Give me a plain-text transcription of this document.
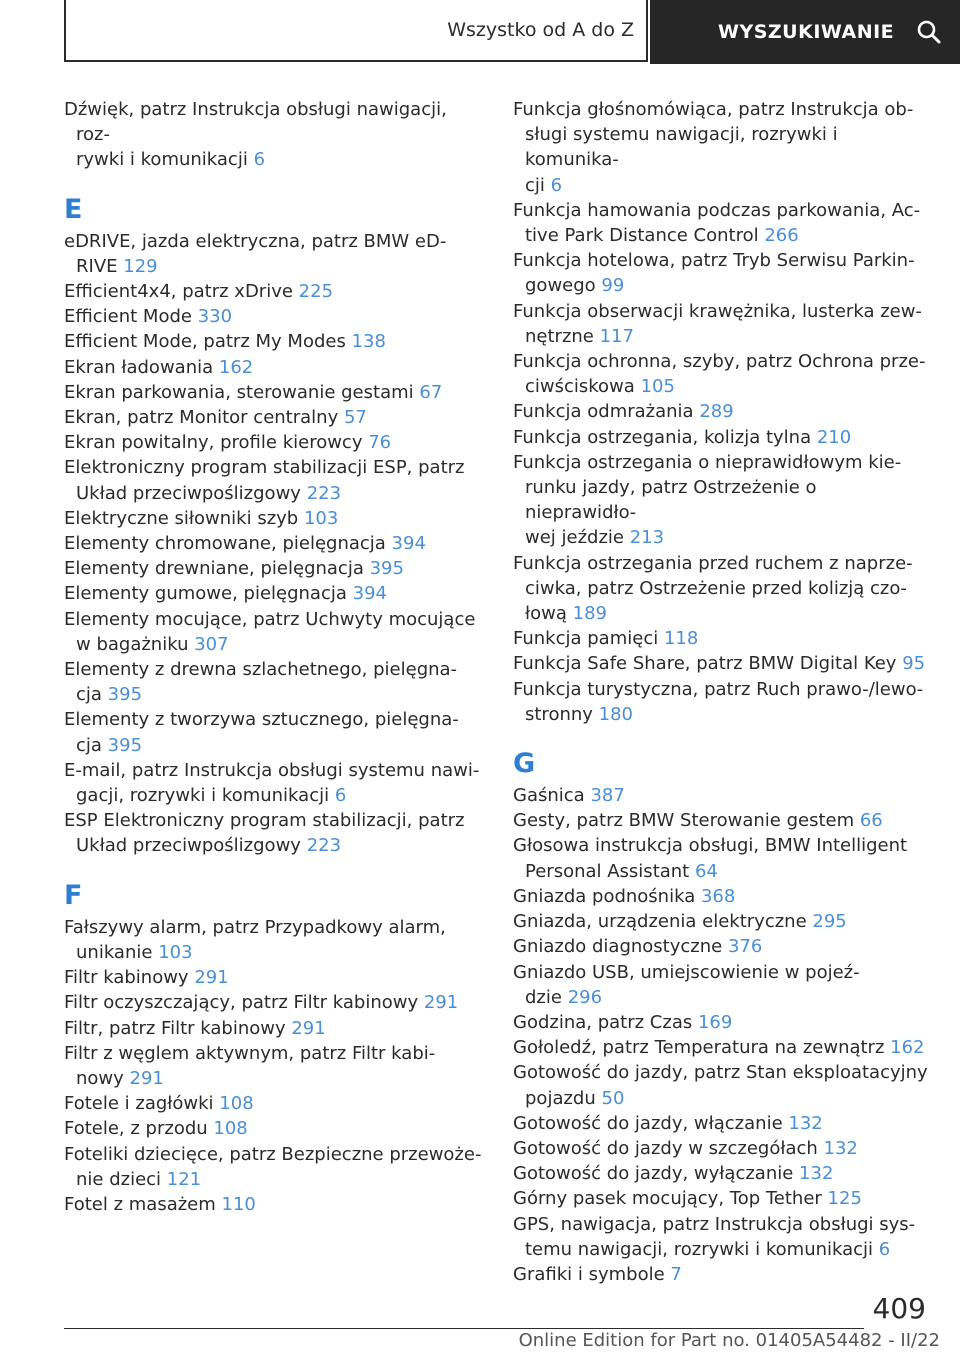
Wszystko od A do Z	WYSZUKIWANIE

Dźwięk, patrz Instrukcja obsługi nawigacji, roz‐
rywki i komunikacji 6

E

eDRIVE, jazda elektryczna, patrz BMW eD‐
RIVE 129

Efficient4x4, patrz xDrive 225

Efficient Mode 330

Efficient Mode, patrz My Modes 138

Ekran ładowania 162

Ekran parkowania, sterowanie gestami 67

Ekran, patrz Monitor centralny 57

Ekran powitalny, profile kierowcy 76

Elektroniczny program stabilizacji ESP, patrz
Układ przeciwpoślizgowy 223

Elektryczne siłowniki szyb 103

Elementy chromowane, pielęgnacja 394

Elementy drewniane, pielęgnacja 395

Elementy gumowe, pielęgnacja 394

Elementy mocujące, patrz Uchwyty mocujące
w bagażniku 307

Elementy z drewna szlachetnego, pielęgna‐
cja 395

Elementy z tworzywa sztucznego, pielęgna‐
cja 395

E-mail, patrz Instrukcja obsługi systemu nawi‐
gacji, rozrywki i komunikacji 6

ESP Elektroniczny program stabilizacji, patrz
Układ przeciwpoślizgowy 223

F

Fałszywy alarm, patrz Przypadkowy alarm,
unikanie 103

Filtr kabinowy 291

Filtr oczyszczający, patrz Filtr kabinowy 291

Filtr, patrz Filtr kabinowy 291

Filtr z węglem aktywnym, patrz Filtr kabi‐
nowy 291

Fotele i zagłówki 108

Fotele, z przodu 108

Foteliki dziecięce, patrz Bezpieczne przewoże‐
nie dzieci 121

Fotel z masażem 110

Funkcja głośnomówiąca, patrz Instrukcja ob‐
sługi systemu nawigacji, rozrywki i komunika‐
cji 6

Funkcja hamowania podczas parkowania, Ac‐
tive Park Distance Control 266

Funkcja hotelowa, patrz Tryb Serwisu Parkin‐
gowego 99

Funkcja obserwacji krawężnika, lusterka zew‐
nętrzne 117

Funkcja ochronna, szyby, patrz Ochrona prze‐
ciwściskowa 105

Funkcja odmrażania 289

Funkcja ostrzegania, kolizja tylna 210

Funkcja ostrzegania o nieprawidłowym kie‐
runku jazdy, patrz Ostrzeżenie o nieprawidło‐
wej jeździe 213

Funkcja ostrzegania przed ruchem z naprze‐
ciwka, patrz Ostrzeżenie przed kolizją czo‐
łową 189

Funkcja pamięci 118

Funkcja Safe Share, patrz BMW Digital Key 95

Funkcja turystyczna, patrz Ruch prawo-/lewo‐
stronny 180

G

Gaśnica 387

Gesty, patrz BMW Sterowanie gestem 66

Głosowa instrukcja obsługi, BMW Intelligent
Personal Assistant 64

Gniazda podnośnika 368

Gniazda, urządzenia elektryczne 295

Gniazdo diagnostyczne 376

Gniazdo USB, umiejscowienie w pojeź‐
dzie 296

Godzina, patrz Czas 169

Gołoledź, patrz Temperatura na zewnątrz 162

Gotowość do jazdy, patrz Stan eksploatacyjny
pojazdu 50

Gotowość do jazdy, włączanie 132

Gotowość do jazdy w szczegółach 132

Gotowość do jazdy, wyłączanie 132

Górny pasek mocujący, Top Tether 125

GPS, nawigacja, patrz Instrukcja obsługi sys‐
temu nawigacji, rozrywki i komunikacji 6

Grafiki i symbole 7

409
Online Edition for Part no. 01405A54482 - II/22
